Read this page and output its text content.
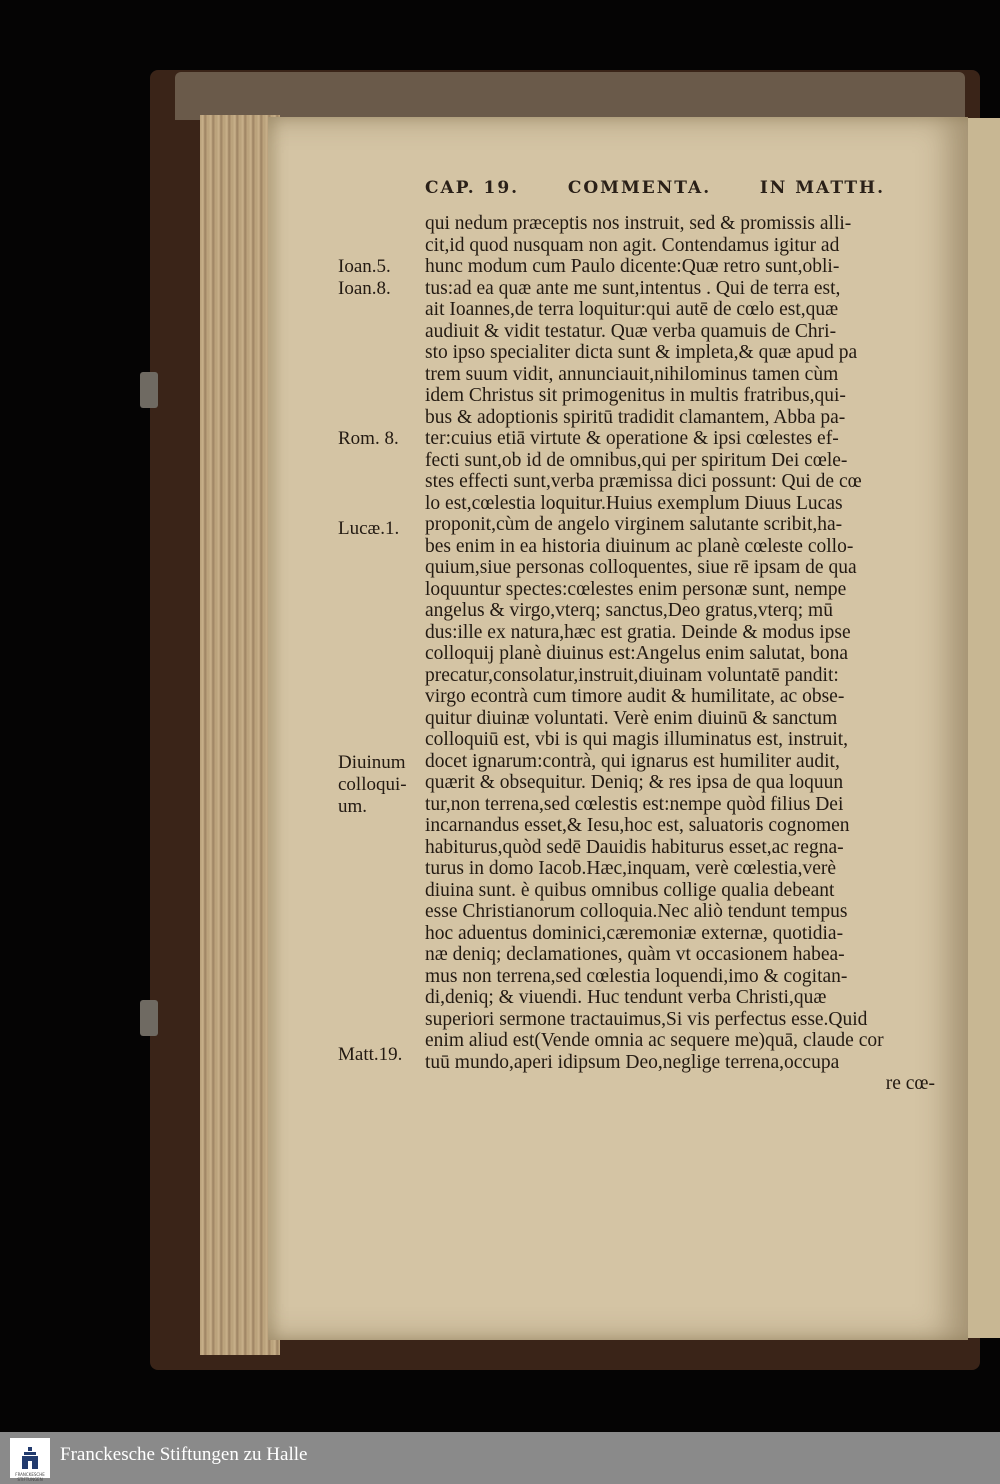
CAP. 19.	COMMENTA.	IN MATTH.
Ioan.5.
Ioan.8.
Rom. 8.
Lucæ.1.
Diuinum
colloqui-
um.
Matt.19.
qui nedum præceptis nos instruit, sed & promissis alli-
cit,id quod nusquam non agit. Contendamus igitur ad
hunc modum cum Paulo dicente:Quæ retro sunt,obli-
tus:ad ea quæ ante me sunt,intentus . Qui de terra est,
ait Ioannes,de terra loquitur:qui autē de cœlo est,quæ
audiuit & vidit testatur. Quæ verba quamuis de Chri-
sto ipso specialiter dicta sunt & impleta,& quæ apud pa
trem suum vidit, annunciauit,nihilominus tamen cùm
idem Christus sit primogenitus in multis fratribus,qui-
bus & adoptionis spiritū tradidit clamantem, Abba pa-
ter:cuius etiā virtute & operatione & ipsi cœlestes ef-
fecti sunt,ob id de omnibus,qui per spiritum Dei cœle-
stes effecti sunt,verba præmissa dici possunt: Qui de cœ
lo est,cœlestia loquitur.Huius exemplum Diuus Lucas
proponit,cùm de angelo virginem salutante scribit,ha-
bes enim in ea historia diuinum ac planè cœleste collo-
quium,siue personas colloquentes, siue rē ipsam de qua
loquuntur spectes:cœlestes enim personæ sunt, nempe
angelus & virgo,vterq; sanctus,Deo gratus,vterq; mū
dus:ille ex natura,hæc est gratia. Deinde & modus ipse
colloquij planè diuinus est:Angelus enim salutat, bona
precatur,consolatur,instruit,diuinam voluntatē pandit:
virgo econtrà cum timore audit & humilitate, ac obse-
quitur diuinæ voluntati. Verè enim diuinū & sanctum
colloquiū est, vbi is qui magis illuminatus est, instruit,
docet ignarum:contrà, qui ignarus est humiliter audit,
quærit & obsequitur. Deniq; & res ipsa de qua loquun
tur,non terrena,sed cœlestis est:nempe quòd filius Dei
incarnandus esset,& Iesu,hoc est, saluatoris cognomen
habiturus,quòd sedē Dauidis habiturus esset,ac regna-
turus in domo Iacob.Hæc,inquam, verè cœlestia,verè
diuina sunt. è quibus omnibus collige qualia debeant
esse Christianorum colloquia.Nec aliò tendunt tempus
hoc aduentus dominici,cæremoniæ externæ, quotidia-
næ deniq; declamationes, quàm vt occasionem habea-
mus non terrena,sed cœlestia loquendi,imo & cogitan-
di,deniq; & viuendi. Huc tendunt verba Christi,quæ
superiori sermone tractauimus,Si vis perfectus esse.Quid
enim aliud est(Vende omnia ac sequere me)quā, claude cor
tuū mundo,aperi idipsum Deo,neglige terrena,occupa
re cœ-
Franckesche Stiftungen zu Halle
FRANCKESCHE STIFTUNGEN
